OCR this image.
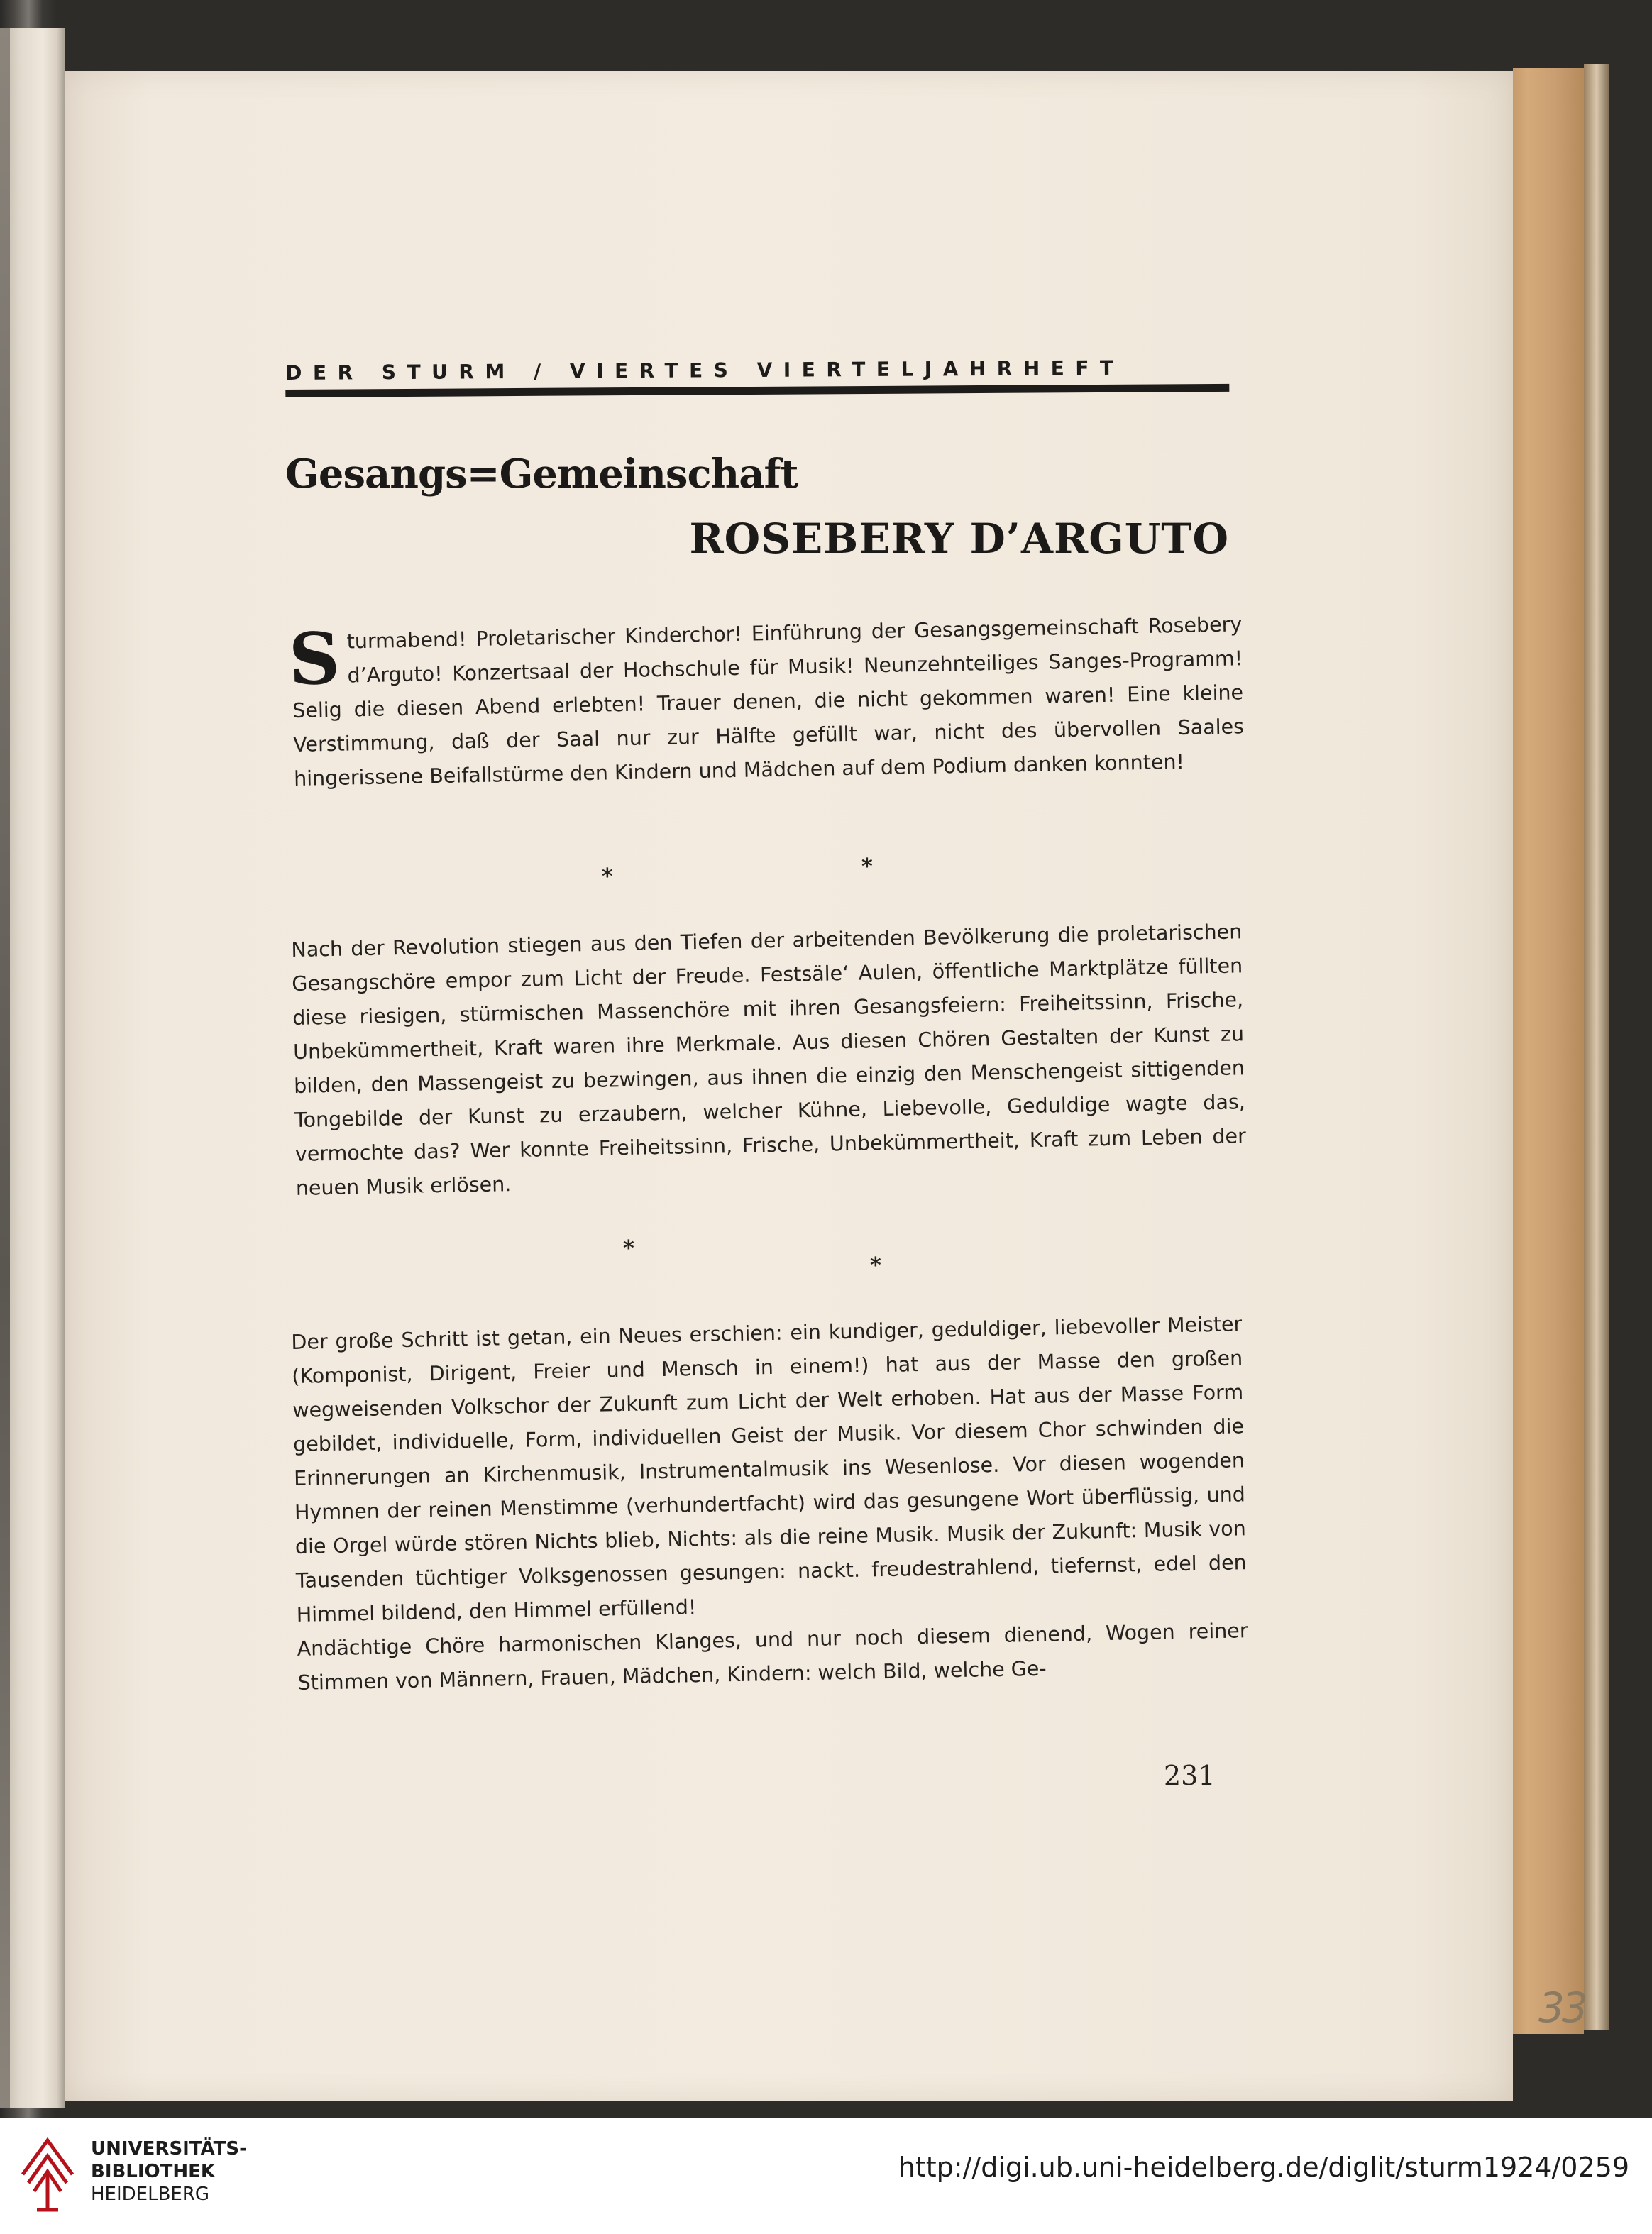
33
DER STURM / VIERTES VIERTELJAHRHEFT
Gesangs=Gemeinschaft
ROSEBERY D’ARGUTO
Sturmabend! Proletarischer Kinderchor! Einführung der Gesangsgemeinschaft Rosebery d’Arguto! Konzertsaal der Hochschule für Musik! Neunzehnteiliges Sanges-Programm! Selig die diesen Abend erlebten! Trauer denen, die nicht gekommen waren! Eine kleine Verstimmung, daß der Saal nur zur Hälfte gefüllt war, nicht des übervollen Saales hingerissene Beifallstürme den Kindern und Mädchen auf dem Podium danken konnten!
*	*
Nach der Revolution stiegen aus den Tiefen der arbeitenden Bevölkerung die proletarischen Gesangschöre empor zum Licht der Freude. Festsäle‘ Aulen, öffentliche Marktplätze füllten diese riesigen, stürmischen Massenchöre mit ihren Gesangsfeiern: Freiheitssinn, Frische, Unbekümmertheit, Kraft waren ihre Merkmale. Aus diesen Chören Gestalten der Kunst zu bilden, den Massengeist zu bezwingen, aus ihnen die einzig den Menschengeist sittigenden Tongebilde der Kunst zu erzaubern, welcher Kühne, Liebevolle, Geduldige wagte das, vermochte das? Wer konnte Freiheitssinn, Frische, Unbekümmertheit, Kraft zum Leben der neuen Musik erlösen.
*
*
Der große Schritt ist getan, ein Neues erschien: ein kundiger, geduldiger, liebevoller Meister (Komponist, Dirigent, Freier und Mensch in einem!) hat aus der Masse den großen wegweisenden Volkschor der Zukunft zum Licht der Welt erhoben. Hat aus der Masse Form gebildet, individuelle, Form, individuellen Geist der Musik. Vor diesem Chor schwinden die Erinnerungen an Kirchenmusik, Instrumentalmusik ins Wesenlose. Vor diesen wogenden Hymnen der reinen Menstimme (verhundertfacht) wird das gesungene Wort überflüssig, und die Orgel würde stören Nichts blieb, Nichts: als die reine Musik. Musik der Zukunft: Musik von Tausenden tüchtiger Volksgenossen gesungen: nackt. freudestrahlend, tiefernst, edel den Himmel bildend, den Himmel erfüllend!
Andächtige Chöre harmonischen Klanges, und nur noch diesem dienend, Wogen reiner Stimmen von Männern, Frauen, Mädchen, Kindern: welch Bild, welche Ge-
231
UNIVERSITÄTS-
BIBLIOTHEK
HEIDELBERG
http://digi.ub.uni-heidelberg.de/diglit/sturm1924/0259
